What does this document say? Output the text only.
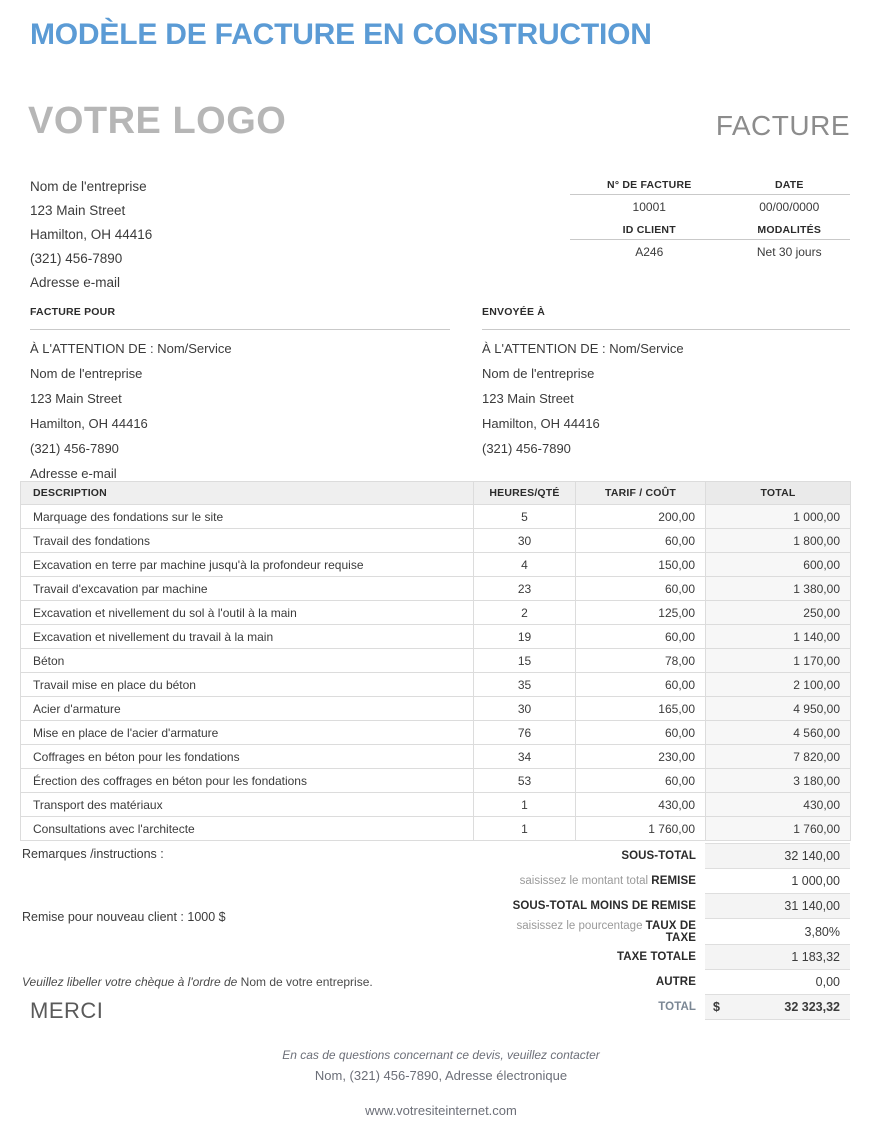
MODÈLE DE FACTURE EN CONSTRUCTION
VOTRE LOGO	FACTURE
Nom de l'entreprise
123 Main Street
Hamilton, OH 44416
(321) 456-7890
Adresse e-mail
N° DE FACTURE	DATE
10001	00/00/0000
ID CLIENT	MODALITÉS
A246	Net 30 jours
FACTURE POUR
À L'ATTENTION DE : Nom/Service
Nom de l'entreprise
123 Main Street
Hamilton, OH 44416
(321) 456-7890
Adresse e-mail
ENVOYÉE À
À L'ATTENTION DE : Nom/Service
Nom de l'entreprise
123 Main Street
Hamilton, OH 44416
(321) 456-7890
DESCRIPTION	HEURES/QTÉ	TARIF / COÛT	TOTAL
Marquage des fondations sur le site	5	200,00	1 000,00
Travail des fondations	30	60,00	1 800,00
Excavation en terre par machine jusqu'à la profondeur requise	4	150,00	600,00
Travail d'excavation par machine	23	60,00	1 380,00
Excavation et nivellement du sol à l'outil à la main	2	125,00	250,00
Excavation et nivellement du travail à la main	19	60,00	1 140,00
Béton	15	78,00	1 170,00
Travail mise en place du béton	35	60,00	2 100,00
Acier d'armature	30	165,00	4 950,00
Mise en place de l'acier d'armature	76	60,00	4 560,00
Coffrages en béton pour les fondations	34	230,00	7 820,00
Érection des coffrages en béton pour les fondations	53	60,00	3 180,00
Transport des matériaux	1	430,00	430,00
Consultations avec l'architecte	1	1 760,00	1 760,00
Remarques /instructions :
Remise pour nouveau client : 1000 $
Veuillez libeller votre chèque à l'ordre de Nom de votre entreprise.
MERCI
SOUS-TOTAL	32 140,00
saisissez le montant total REMISE	1 000,00
SOUS-TOTAL MOINS DE REMISE	31 140,00
saisissez le pourcentage TAUX DE TAXE	3,80%
TAXE TOTALE	1 183,32
AUTRE	0,00
TOTAL	$ 32 323,32
En cas de questions concernant ce devis, veuillez contacter
Nom, (321) 456-7890, Adresse électronique
www.votresiteinternet.com
